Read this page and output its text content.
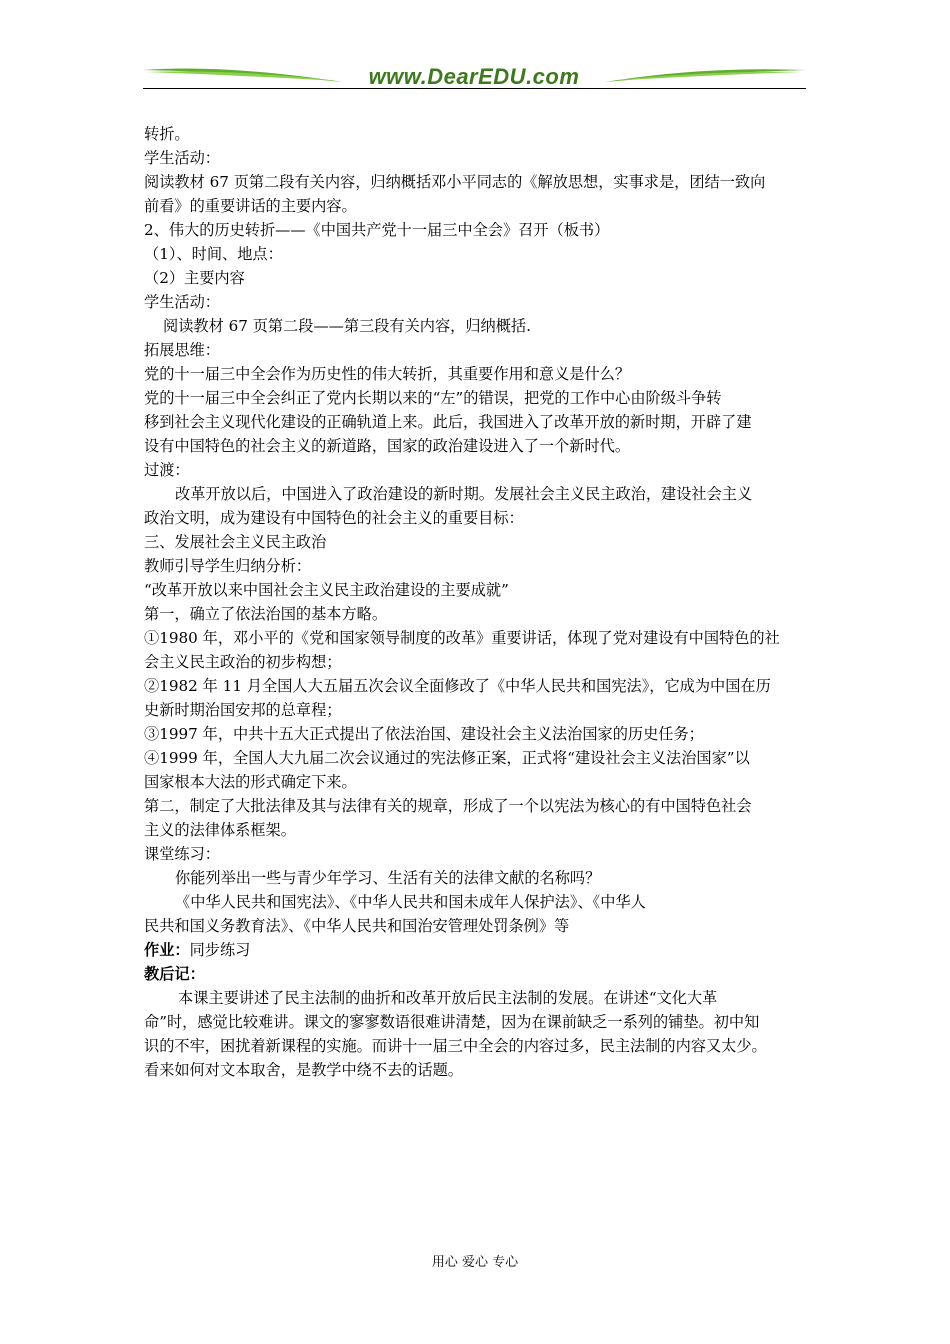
www.DearEDU.com
转折。
学生活动：
阅读教材 67 页第二段有关内容，归纳概括邓小平同志的《解放思想，实事求是，团结一致向
前看》的重要讲话的主要内容。
2、伟大的历史转折——《中国共产党十一届三中全会》召开（板书）
（1）、时间、地点：
（2）主要内容
学生活动：
阅读教材 67 页第二段——第三段有关内容，归纳概括.
拓展思维：
党的十一届三中全会作为历史性的伟大转折，其重要作用和意义是什么？
党的十一届三中全会纠正了党内长期以来的“左”的错误，把党的工作中心由阶级斗争转
移到社会主义现代化建设的正确轨道上来。此后，我国进入了改革开放的新时期，开辟了建
设有中国特色的社会主义的新道路，国家的政治建设进入了一个新时代。
过渡：
改革开放以后，中国进入了政治建设的新时期。发展社会主义民主政治，建设社会主义
政治文明，成为建设有中国特色的社会主义的重要目标：
三、发展社会主义民主政治
教师引导学生归纳分析：
“改革开放以来中国社会主义民主政治建设的主要成就”
第一，确立了依法治国的基本方略。
①1980 年，邓小平的《党和国家领导制度的改革》重要讲话，体现了党对建设有中国特色的社
会主义民主政治的初步构想；
②1982 年 11 月全国人大五届五次会议全面修改了《中华人民共和国宪法》，它成为中国在历
史新时期治国安邦的总章程；
③1997 年，中共十五大正式提出了依法治国、建设社会主义法治国家的历史任务；
④1999 年，全国人大九届二次会议通过的宪法修正案，正式将“建设社会主义法治国家”以
国家根本大法的形式确定下来。
第二，制定了大批法律及其与法律有关的规章，形成了一个以宪法为核心的有中国特色社会
主义的法律体系框架。
课堂练习：
你能列举出一些与青少年学习、生活有关的法律文献的名称吗？
《中华人民共和国宪法》、《中华人民共和国未成年人保护法》、《中华人
民共和国义务教育法》、《中华人民共和国治安管理处罚条例》等
作业：同步练习
教后记：
本课主要讲述了民主法制的曲折和改革开放后民主法制的发展。在讲述“文化大革
命”时，感觉比较难讲。课文的寥寥数语很难讲清楚，因为在课前缺乏一系列的铺垫。初中知
识的不牢，困扰着新课程的实施。而讲十一届三中全会的内容过多，民主法制的内容又太少。
看来如何对文本取舍，是教学中绕不去的话题。
用心 爱心 专心
